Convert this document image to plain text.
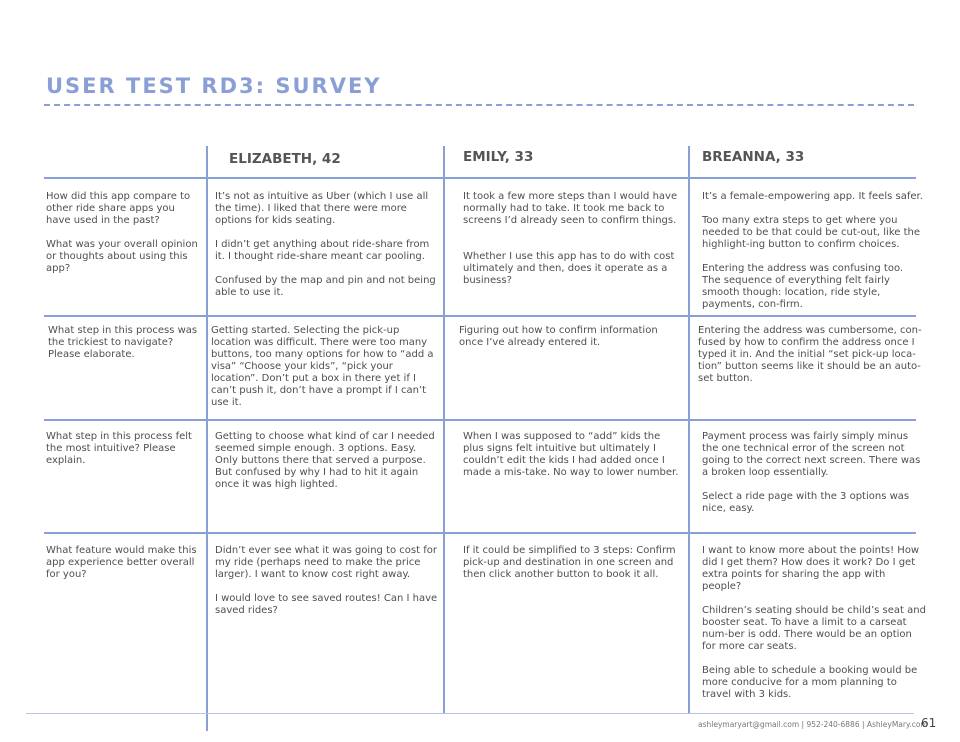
USER TEST RD3: SURVEY
ELIZABETH, 42	EMILY, 33	BREANNA, 33

How did this app compare to other ride share apps you have used in the past?

What was your overall opinion or thoughts about using this app?

It’s not as intuitive as Uber (which I use all the time). I liked that there were more options for kids seating.

I didn’t get anything about ride-share from it. I thought ride-share meant car pooling.

Confused by the map and pin and not being able to use it.

It took a few more steps than I would have normally had to take. It took me back to screens I’d already seen to confirm things.

Whether I use this app has to do with cost ultimately and then, does it operate as a business?

It’s a female-empowering app. It feels safer.

Too many extra steps to get where you needed to be that could be cut-out, like the highlight-ing button to confirm choices.

Entering the address was confusing too. The sequence of everything felt fairly smooth though: location, ride style, payments, con-firm.

What step in this process was the trickiest to navigate? Please elaborate.

Getting started. Selecting the pick-up location was difficult. There were too many buttons, too many options for how to “add a visa” “Choose your kids”, “pick your location”. Don’t put a box in there yet if I can’t push it, don’t have a prompt if I can’t use it.

Figuring out how to confirm information once I’ve already entered it.

Entering the address was cumbersome, con-fused by how to confirm the address once I typed it in. And the initial “set pick-up loca-tion” button seems like it should be an auto-set button.

What step in this process felt the most intuitive? Please explain.

Getting to choose what kind of car I needed seemed simple enough. 3 options. Easy. Only buttons there that served a purpose. But confused by why I had to hit it again once it was high lighted.

When I was supposed to “add” kids the plus signs felt intuitive but ultimately I couldn’t edit the kids I had added once I made a mis-take. No way to lower number.

Payment process was fairly simply minus the one technical error of the screen not going to the correct next screen. There was a broken loop essentially.

Select a ride page with the 3 options was nice, easy.

What feature would make this app experience better overall for you?

Didn’t ever see what it was going to cost for my ride (perhaps need to make the price larger). I want to know cost right away.

I would love to see saved routes! Can I have saved rides?

If it could be simplified to 3 steps: Confirm pick-up and destination in one screen and then click another button to book it all.

I want to know more about the points! How did I get them? How does it work? Do I get extra points for sharing the app with people?

Children’s seating should be child’s seat and booster seat. To have a limit to a carseat num-ber is odd. There would be an option for more car seats.

Being able to schedule a booking would be more conducive for a mom planning to travel with 3 kids.

ashleymaryart@gmail.com | 952-240-6886 | AshleyMary.com
61
